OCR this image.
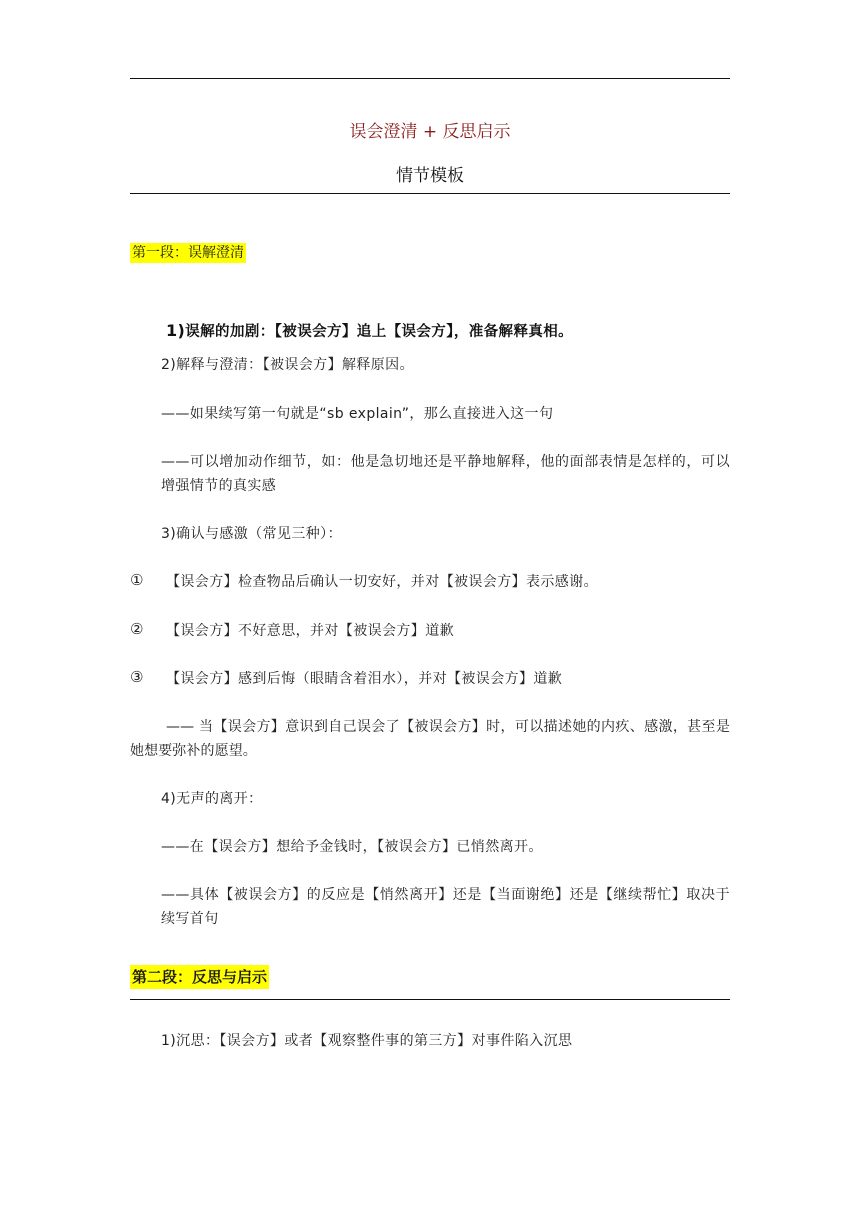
误会澄清 + 反思启示
情节模板
第一段：误解澄清
1)误解的加剧：【被误会方】追上【误会方】，准备解释真相。
2)解释与澄清：【被误会方】解释原因。
——如果续写第一句就是“sb explain”，那么直接进入这一句
——可以增加动作细节，如：他是急切地还是平静地解释，他的面部表情是怎样的，可以增强情节的真实感
3)确认与感激（常见三种）：
① 【误会方】检查物品后确认一切安好，并对【被误会方】表示感谢。
② 【误会方】不好意思，并对【被误会方】道歉
③ 【误会方】感到后悔（眼睛含着泪水），并对【被误会方】道歉
—— 当【误会方】意识到自己误会了【被误会方】时，可以描述她的内疚、感激，甚至是她想要弥补的愿望。
4)无声的离开：
——在【误会方】想给予金钱时，【被误会方】已悄然离开。
——具体【被误会方】的反应是【悄然离开】还是【当面谢绝】还是【继续帮忙】取决于续写首句
第二段：反思与启示
1)沉思：【误会方】或者【观察整件事的第三方】对事件陷入沉思
